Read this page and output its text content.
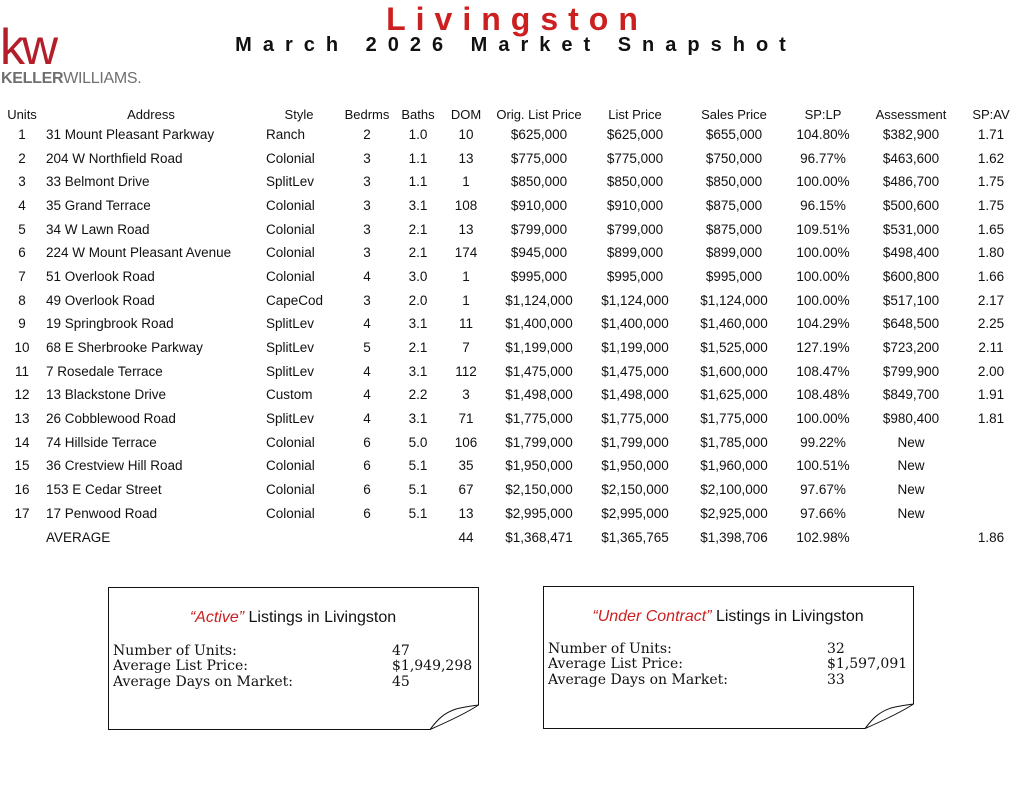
kw
KELLERWILLIAMS.
Livingston
March 2026 Market Snapshot
Units	Address	Style	Bedrms	Baths	DOM	Orig. List Price	List Price	Sales Price	SP:LP	Assessment	SP:AV
1	31 Mount Pleasant Parkway	Ranch	2	1.0	10	$625,000	$625,000	$655,000	104.80%	$382,900	1.71
2	204 W Northfield Road	Colonial	3	1.1	13	$775,000	$775,000	$750,000	96.77%	$463,600	1.62
3	33 Belmont Drive	SplitLev	3	1.1	1	$850,000	$850,000	$850,000	100.00%	$486,700	1.75
4	35 Grand Terrace	Colonial	3	3.1	108	$910,000	$910,000	$875,000	96.15%	$500,600	1.75
5	34 W Lawn Road	Colonial	3	2.1	13	$799,000	$799,000	$875,000	109.51%	$531,000	1.65
6	224 W Mount Pleasant Avenue	Colonial	3	2.1	174	$945,000	$899,000	$899,000	100.00%	$498,400	1.80
7	51 Overlook Road	Colonial	4	3.0	1	$995,000	$995,000	$995,000	100.00%	$600,800	1.66
8	49 Overlook Road	CapeCod	3	2.0	1	$1,124,000	$1,124,000	$1,124,000	100.00%	$517,100	2.17
9	19 Springbrook Road	SplitLev	4	3.1	11	$1,400,000	$1,400,000	$1,460,000	104.29%	$648,500	2.25
10	68 E Sherbrooke Parkway	SplitLev	5	2.1	7	$1,199,000	$1,199,000	$1,525,000	127.19%	$723,200	2.11
11	7 Rosedale Terrace	SplitLev	4	3.1	112	$1,475,000	$1,475,000	$1,600,000	108.47%	$799,900	2.00
12	13 Blackstone Drive	Custom	4	2.2	3	$1,498,000	$1,498,000	$1,625,000	108.48%	$849,700	1.91
13	26 Cobblewood Road	SplitLev	4	3.1	71	$1,775,000	$1,775,000	$1,775,000	100.00%	$980,400	1.81
14	74 Hillside Terrace	Colonial	6	5.0	106	$1,799,000	$1,799,000	$1,785,000	99.22%	New	
15	36 Crestview Hill Road	Colonial	6	5.1	35	$1,950,000	$1,950,000	$1,960,000	100.51%	New	
16	153 E Cedar Street	Colonial	6	5.1	67	$2,150,000	$2,150,000	$2,100,000	97.67%	New	
17	17 Penwood Road	Colonial	6	5.1	13	$2,995,000	$2,995,000	$2,925,000	97.66%	New	
	AVERAGE				44	$1,368,471	$1,365,765	$1,398,706	102.98%		1.86
“Active” Listings in Livingston
Number of Units:	47
Average List Price:	$1,949,298
Average Days on Market:	45
“Under Contract” Listings in Livingston
Number of Units:	32
Average List Price:	$1,597,091
Average Days on Market:	33
